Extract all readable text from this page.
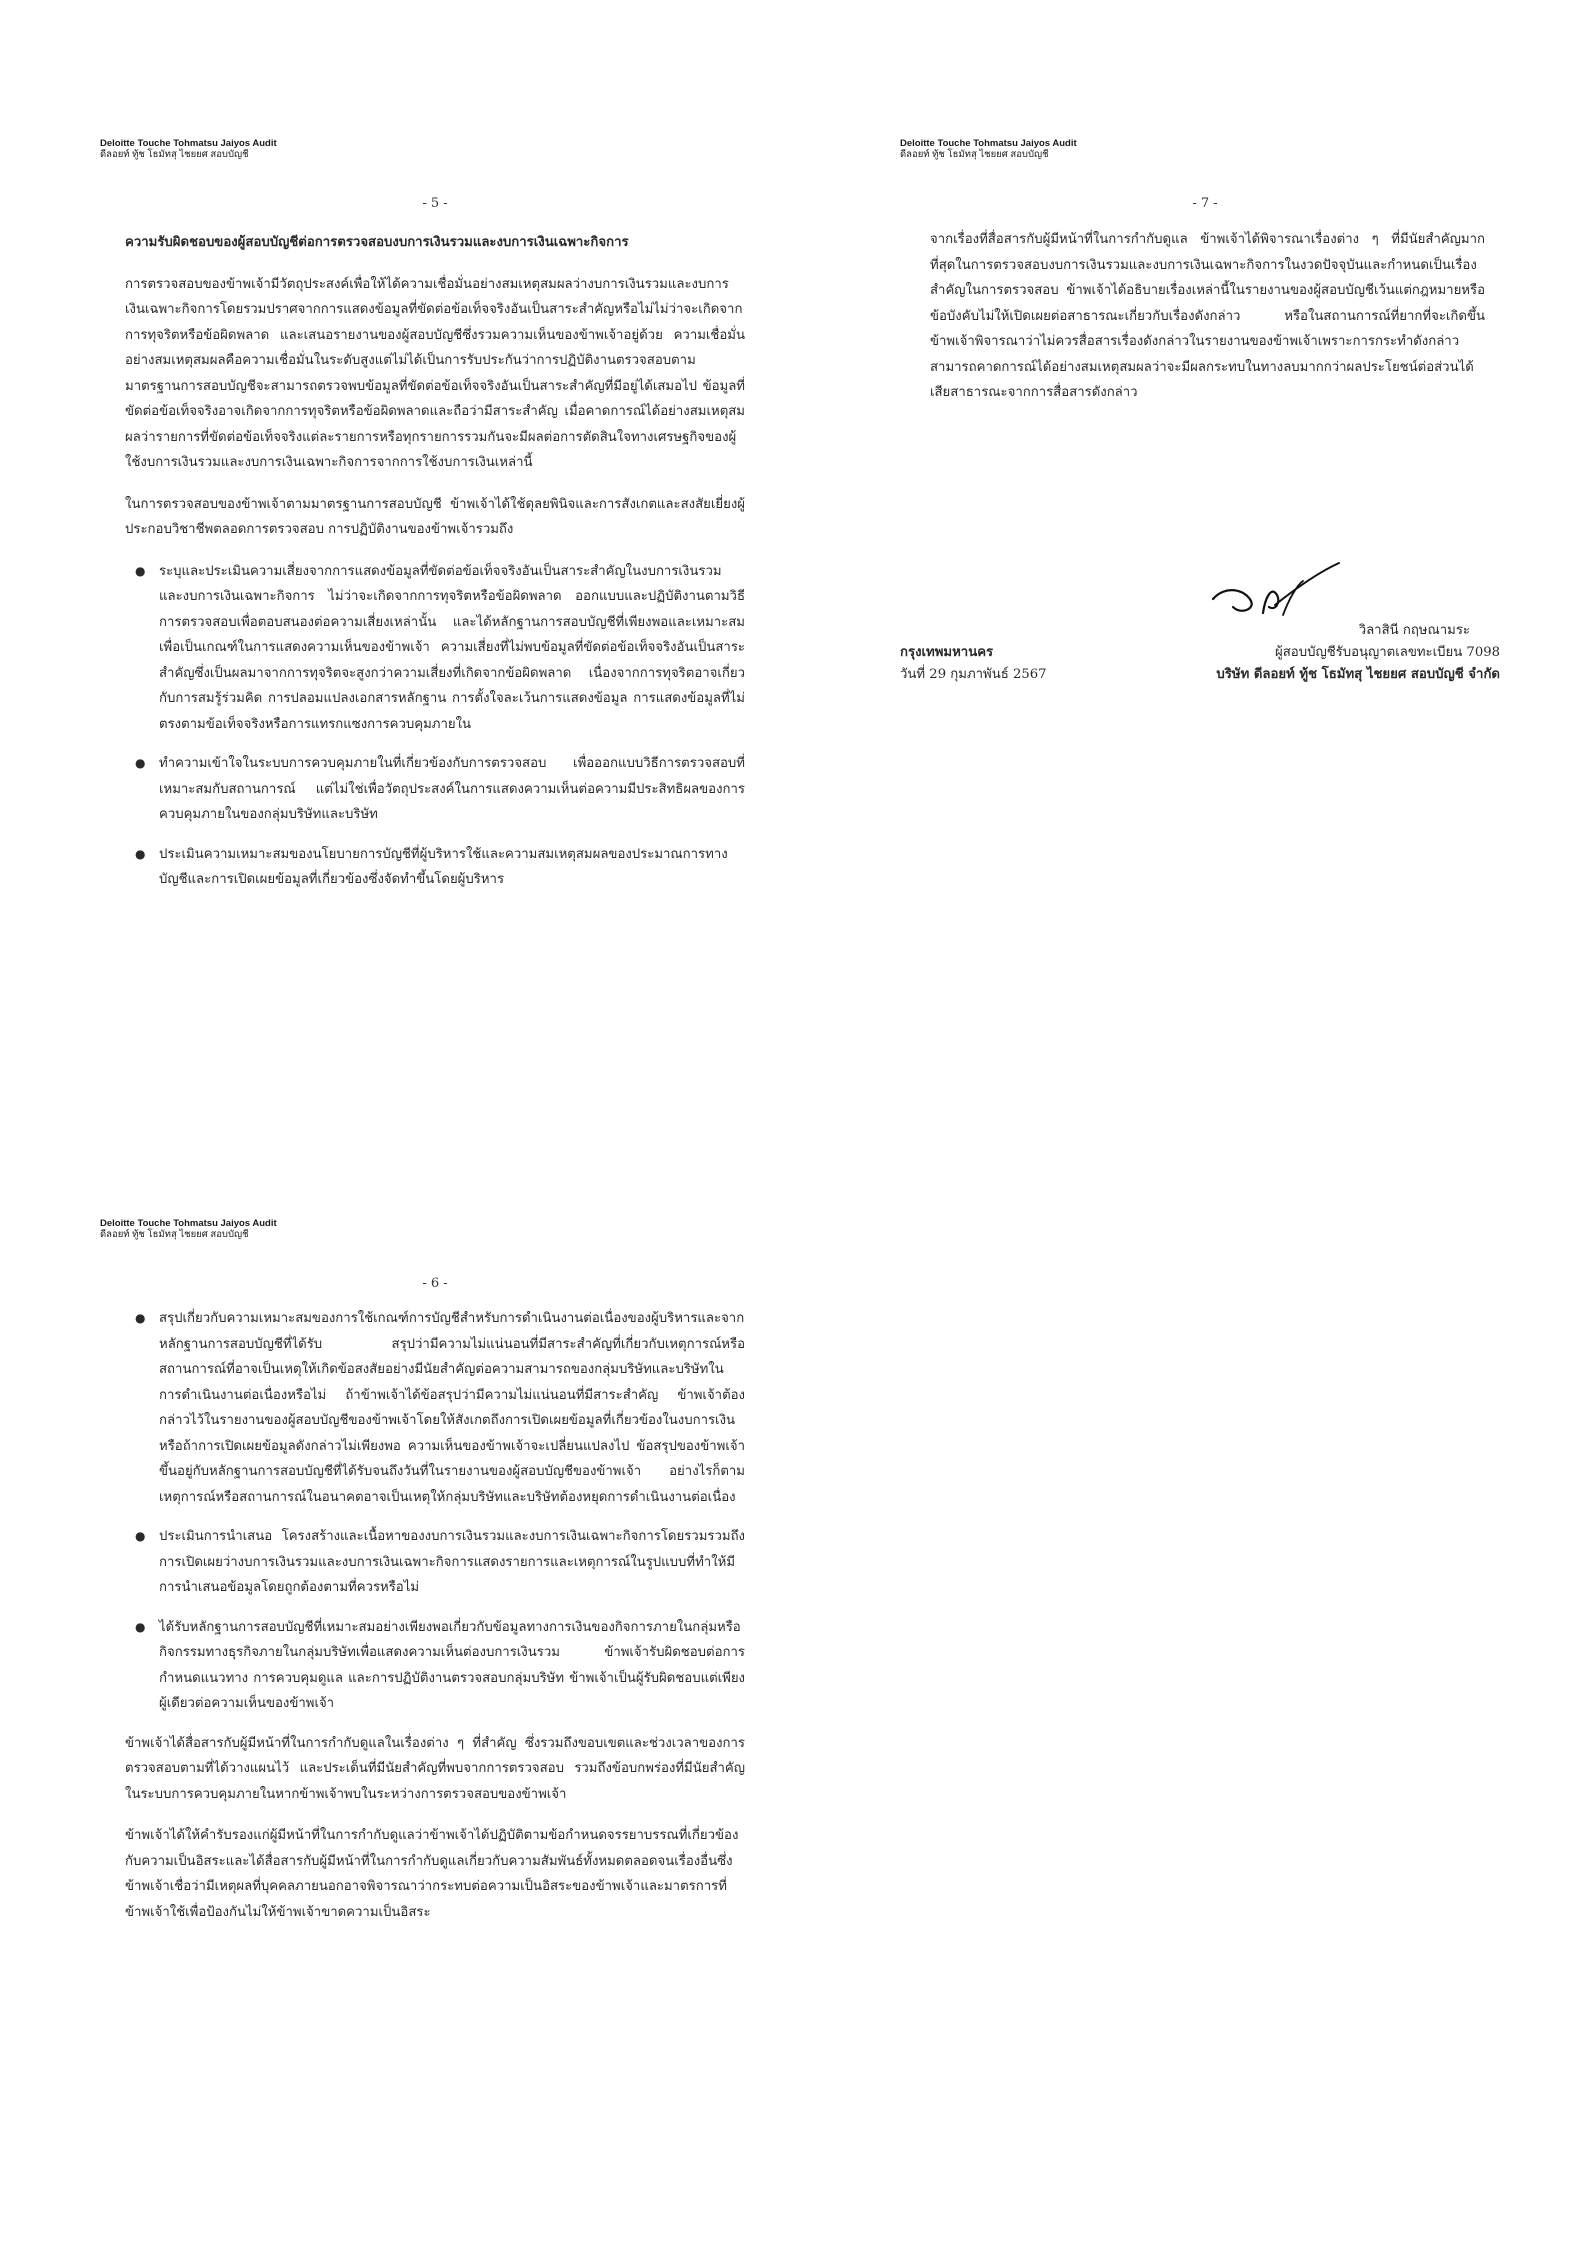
Deloitte Touche Tohmatsu Jaiyos Audit
ดีลอยท์ ทู้ช โธมัทสุ ไชยยศ สอบบัญชี
- 5 -

ความรับผิดชอบของผู้สอบบัญชีต่อการตรวจสอบงบการเงินรวมและงบการเงินเฉพาะกิจการ

การตรวจสอบของข้าพเจ้ามีวัตถุประสงค์เพื่อให้ได้ความเชื่อมั่นอย่างสมเหตุสมผลว่างบการเงินรวมและงบการเงินเฉพาะกิจการโดยรวมปราศจากการแสดงข้อมูลที่ขัดต่อข้อเท็จจริงอันเป็นสาระสำคัญหรือไม่ไม่ว่าจะเกิดจากการทุจริตหรือข้อผิดพลาด และเสนอรายงานของผู้สอบบัญชีซึ่งรวมความเห็นของข้าพเจ้าอยู่ด้วย ความเชื่อมั่นอย่างสมเหตุสมผลคือความเชื่อมั่นในระดับสูงแต่ไม่ได้เป็นการรับประกันว่าการปฏิบัติงานตรวจสอบตามมาตรฐานการสอบบัญชีจะสามารถตรวจพบข้อมูลที่ขัดต่อข้อเท็จจริงอันเป็นสาระสำคัญที่มีอยู่ได้เสมอไป ข้อมูลที่ขัดต่อข้อเท็จจริงอาจเกิดจากการทุจริตหรือข้อผิดพลาดและถือว่ามีสาระสำคัญ เมื่อคาดการณ์ได้อย่างสมเหตุสมผลว่ารายการที่ขัดต่อข้อเท็จจริงแต่ละรายการหรือทุกรายการรวมกันจะมีผลต่อการตัดสินใจทางเศรษฐกิจของผู้ใช้งบการเงินรวมและงบการเงินเฉพาะกิจการจากการใช้งบการเงินเหล่านี้

ในการตรวจสอบของข้าพเจ้าตามมาตรฐานการสอบบัญชี ข้าพเจ้าได้ใช้ดุลยพินิจและการสังเกตและสงสัยเยี่ยงผู้ประกอบวิชาชีพตลอดการตรวจสอบ การปฏิบัติงานของข้าพเจ้ารวมถึง

● ระบุและประเมินความเสี่ยงจากการแสดงข้อมูลที่ขัดต่อข้อเท็จจริงอันเป็นสาระสำคัญในงบการเงินรวมและงบการเงินเฉพาะกิจการ ไม่ว่าจะเกิดจากการทุจริตหรือข้อผิดพลาด ออกแบบและปฏิบัติงานตามวิธีการตรวจสอบเพื่อตอบสนองต่อความเสี่ยงเหล่านั้น และได้หลักฐานการสอบบัญชีที่เพียงพอและเหมาะสมเพื่อเป็นเกณฑ์ในการแสดงความเห็นของข้าพเจ้า ความเสี่ยงที่ไม่พบข้อมูลที่ขัดต่อข้อเท็จจริงอันเป็นสาระสำคัญซึ่งเป็นผลมาจากการทุจริตจะสูงกว่าความเสี่ยงที่เกิดจากข้อผิดพลาด เนื่องจากการทุจริตอาจเกี่ยวกับการสมรู้ร่วมคิด การปลอมแปลงเอกสารหลักฐาน การตั้งใจละเว้นการแสดงข้อมูล การแสดงข้อมูลที่ไม่ตรงตามข้อเท็จจริงหรือการแทรกแซงการควบคุมภายใน
● ทำความเข้าใจในระบบการควบคุมภายในที่เกี่ยวข้องกับการตรวจสอบ เพื่อออกแบบวิธีการตรวจสอบที่เหมาะสมกับสถานการณ์ แต่ไม่ใช่เพื่อวัตถุประสงค์ในการแสดงความเห็นต่อความมีประสิทธิผลของการควบคุมภายในของกลุ่มบริษัทและบริษัท
● ประเมินความเหมาะสมของนโยบายการบัญชีที่ผู้บริหารใช้และความสมเหตุสมผลของประมาณการทางบัญชีและการเปิดเผยข้อมูลที่เกี่ยวข้องซึ่งจัดทำขึ้นโดยผู้บริหาร
Deloitte Touche Tohmatsu Jaiyos Audit
ดีลอยท์ ทู้ช โธมัทสุ ไชยยศ สอบบัญชี
- 7 -

จากเรื่องที่สื่อสารกับผู้มีหน้าที่ในการกำกับดูแล ข้าพเจ้าได้พิจารณาเรื่องต่าง ๆ ที่มีนัยสำคัญมากที่สุดในการตรวจสอบงบการเงินรวมและงบการเงินเฉพาะกิจการในงวดปัจจุบันและกำหนดเป็นเรื่องสำคัญในการตรวจสอบ ข้าพเจ้าได้อธิบายเรื่องเหล่านี้ในรายงานของผู้สอบบัญชีเว้นแต่กฎหมายหรือข้อบังคับไม่ให้เปิดเผยต่อสาธารณะเกี่ยวกับเรื่องดังกล่าว หรือในสถานการณ์ที่ยากที่จะเกิดขึ้น ข้าพเจ้าพิจารณาว่าไม่ควรสื่อสารเรื่องดังกล่าวในรายงานของข้าพเจ้าเพราะการกระทำดังกล่าวสามารถคาดการณ์ได้อย่างสมเหตุสมผลว่าจะมีผลกระทบในทางลบมากกว่าผลประโยชน์ต่อส่วนได้เสียสาธารณะจากการสื่อสารดังกล่าว

วิลาสินี กฤษณามระ
กรุงเทพมหานคร	ผู้สอบบัญชีรับอนุญาตเลขทะเบียน 7098
วันที่ 29 กุมภาพันธ์ 2567	บริษัท ดีลอยท์ ทู้ช โธมัทสุ ไชยยศ สอบบัญชี จำกัด
Deloitte Touche Tohmatsu Jaiyos Audit
ดีลอยท์ ทู้ช โธมัทสุ ไชยยศ สอบบัญชี
- 6 -
● สรุปเกี่ยวกับความเหมาะสมของการใช้เกณฑ์การบัญชีสำหรับการดำเนินงานต่อเนื่องของผู้บริหารและจากหลักฐานการสอบบัญชีที่ได้รับ สรุปว่ามีความไม่แน่นอนที่มีสาระสำคัญที่เกี่ยวกับเหตุการณ์หรือสถานการณ์ที่อาจเป็นเหตุให้เกิดข้อสงสัยอย่างมีนัยสำคัญต่อความสามารถของกลุ่มบริษัทและบริษัทในการดำเนินงานต่อเนื่องหรือไม่ ถ้าข้าพเจ้าได้ข้อสรุปว่ามีความไม่แน่นอนที่มีสาระสำคัญ ข้าพเจ้าต้องกล่าวไว้ในรายงานของผู้สอบบัญชีของข้าพเจ้าโดยให้สังเกตถึงการเปิดเผยข้อมูลที่เกี่ยวข้องในงบการเงิน หรือถ้าการเปิดเผยข้อมูลดังกล่าวไม่เพียงพอ ความเห็นของข้าพเจ้าจะเปลี่ยนแปลงไป ข้อสรุปของข้าพเจ้าขึ้นอยู่กับหลักฐานการสอบบัญชีที่ได้รับจนถึงวันที่ในรายงานของผู้สอบบัญชีของข้าพเจ้า อย่างไรก็ตาม เหตุการณ์หรือสถานการณ์ในอนาคตอาจเป็นเหตุให้กลุ่มบริษัทและบริษัทต้องหยุดการดำเนินงานต่อเนื่อง
● ประเมินการนำเสนอ โครงสร้างและเนื้อหาของงบการเงินรวมและงบการเงินเฉพาะกิจการโดยรวมรวมถึงการเปิดเผยว่างบการเงินรวมและงบการเงินเฉพาะกิจการแสดงรายการและเหตุการณ์ในรูปแบบที่ทำให้มีการนำเสนอข้อมูลโดยถูกต้องตามที่ควรหรือไม่
● ได้รับหลักฐานการสอบบัญชีที่เหมาะสมอย่างเพียงพอเกี่ยวกับข้อมูลทางการเงินของกิจการภายในกลุ่มหรือกิจกรรมทางธุรกิจภายในกลุ่มบริษัทเพื่อแสดงความเห็นต่องบการเงินรวม ข้าพเจ้ารับผิดชอบต่อการกำหนดแนวทาง การควบคุมดูแล และการปฏิบัติงานตรวจสอบกลุ่มบริษัท ข้าพเจ้าเป็นผู้รับผิดชอบแต่เพียงผู้เดียวต่อความเห็นของข้าพเจ้า

ข้าพเจ้าได้สื่อสารกับผู้มีหน้าที่ในการกำกับดูแลในเรื่องต่าง ๆ ที่สำคัญ ซึ่งรวมถึงขอบเขตและช่วงเวลาของการตรวจสอบตามที่ได้วางแผนไว้ และประเด็นที่มีนัยสำคัญที่พบจากการตรวจสอบ รวมถึงข้อบกพร่องที่มีนัยสำคัญในระบบการควบคุมภายในหากข้าพเจ้าพบในระหว่างการตรวจสอบของข้าพเจ้า

ข้าพเจ้าได้ให้คำรับรองแก่ผู้มีหน้าที่ในการกำกับดูแลว่าข้าพเจ้าได้ปฏิบัติตามข้อกำหนดจรรยาบรรณที่เกี่ยวข้องกับความเป็นอิสระและได้สื่อสารกับผู้มีหน้าที่ในการกำกับดูแลเกี่ยวกับความสัมพันธ์ทั้งหมดตลอดจนเรื่องอื่นซึ่งข้าพเจ้าเชื่อว่ามีเหตุผลที่บุคคลภายนอกอาจพิจารณาว่ากระทบต่อความเป็นอิสระของข้าพเจ้าและมาตรการที่ข้าพเจ้าใช้เพื่อป้องกันไม่ให้ข้าพเจ้าขาดความเป็นอิสระ
